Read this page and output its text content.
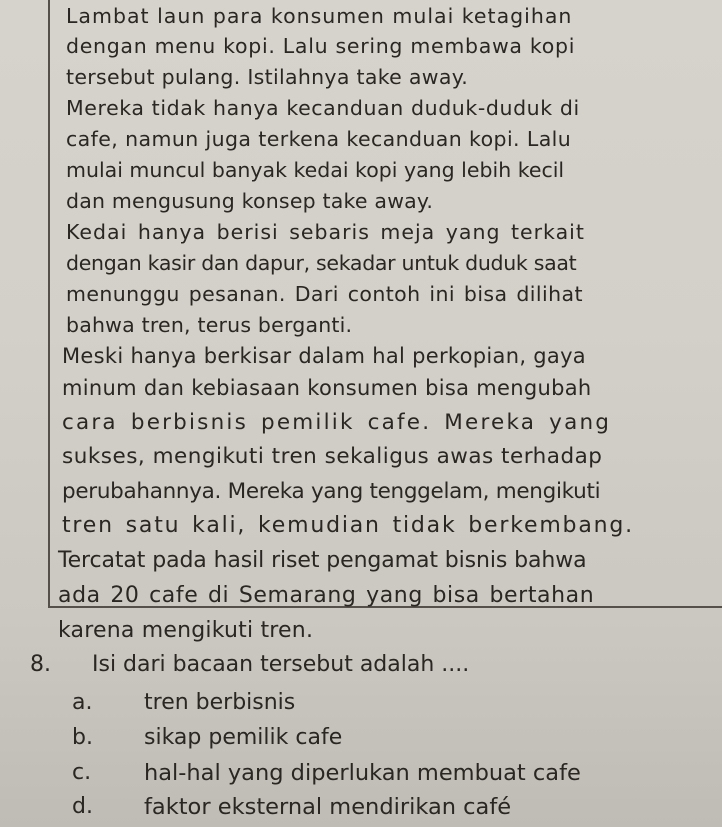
Lambat laun para konsumen mulai ketagihan
dengan menu kopi. Lalu sering membawa kopi
tersebut pulang. Istilahnya take away.
Mereka tidak hanya kecanduan duduk-duduk di
cafe, namun juga terkena kecanduan kopi. Lalu
mulai muncul banyak kedai kopi yang lebih kecil
dan mengusung konsep take away.
Kedai hanya berisi sebaris meja yang terkait
dengan kasir dan dapur, sekadar untuk duduk saat
menunggu pesanan. Dari contoh ini bisa dilihat
bahwa tren, terus berganti.
Meski hanya berkisar dalam hal perkopian, gaya
minum dan kebiasaan konsumen bisa mengubah
cara berbisnis pemilik cafe. Mereka yang
sukses, mengikuti tren sekaligus awas terhadap
perubahannya. Mereka yang tenggelam, mengikuti
tren satu kali, kemudian tidak berkembang.
Tercatat pada hasil riset pengamat bisnis bahwa
ada 20 cafe di Semarang yang bisa bertahan
karena mengikuti tren.
8. Isi dari bacaan tersebut adalah ....
a. tren berbisnis
b. sikap pemilik cafe
c. hal-hal yang diperlukan membuat cafe
d. faktor eksternal mendirikan café
